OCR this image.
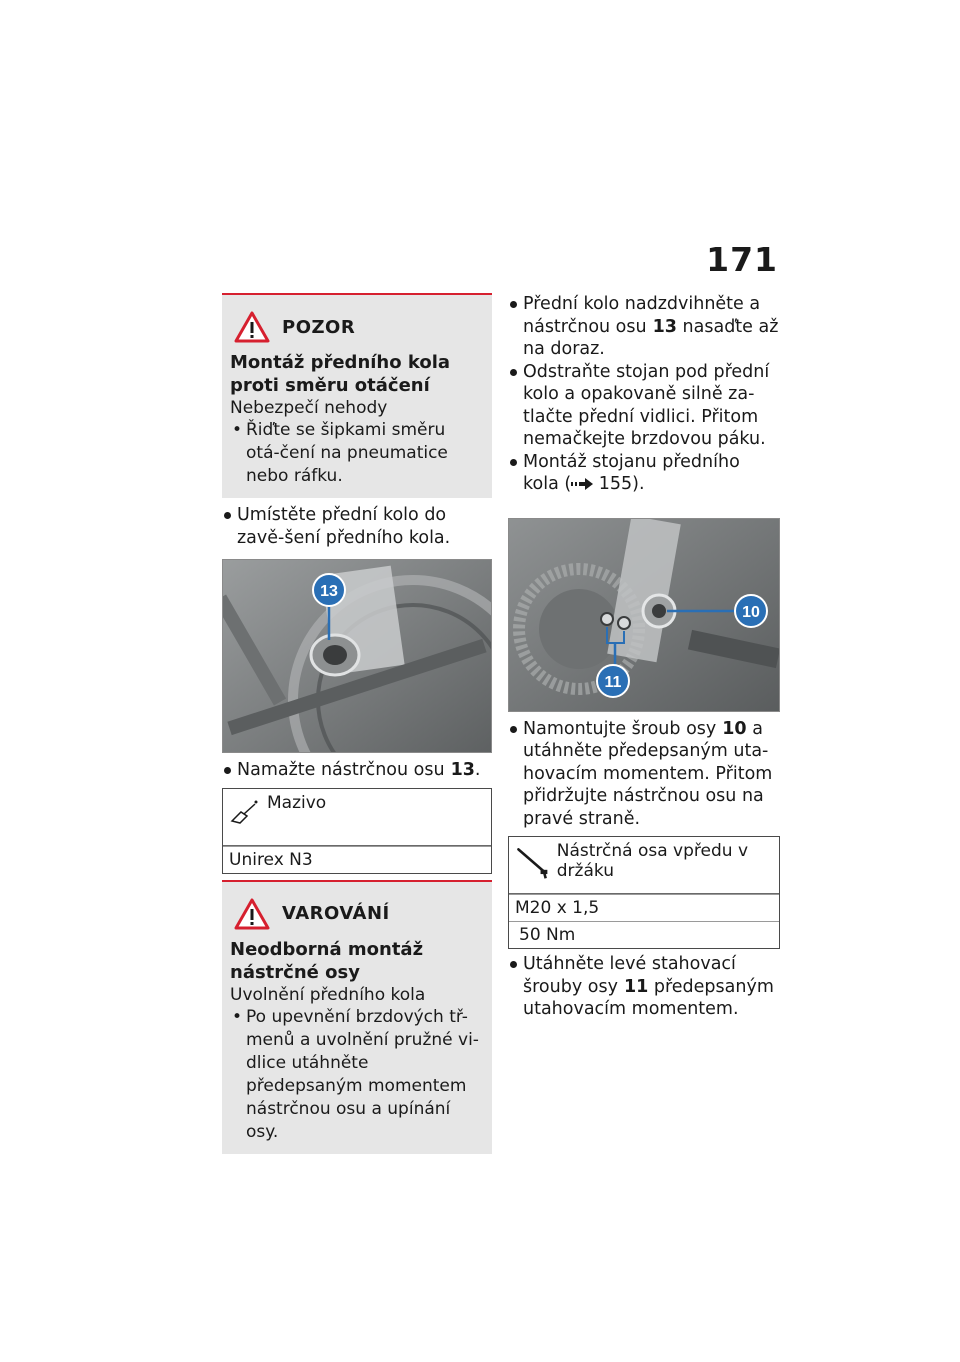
171
POZOR
Montáž předního kola proti směru otáčení
Nebezpečí nehody
• Řiďte se šipkami směru otá-čení na pneumatice nebo ráfku.
Umístěte přední kolo do zavě-šení předního kola.
13
Namažte nástrčnou osu 13.
Mazivo
Unirex N3
VAROVÁNÍ
Neodborná montáž nástrčné osy
Uvolnění předního kola
• Po upevnění brzdových tř-menů a uvolnění pružné vi-dlice utáhněte předepsaným momentem nástrčnou osu a upínání osy.
Přední kolo nadzdvihněte a nástrčnou osu 13 nasaďte až na doraz.
Odstraňte stojan pod přední kolo a opakovaně silně za-tlačte přední vidlici. Přitom nemačkejte brzdovou páku.
Montáž stojanu předního kola ( 155).
10
11
Namontujte šroub osy 10 a utáhněte předepsaným uta-hovacím momentem. Přitom přidržujte nástrčnou osu na pravé straně.
Nástrčná osa vpředu v držáku
M20 x 1,5
50 Nm
Utáhněte levé stahovací šrouby osy 11 předepsaným utahovacím momentem.
